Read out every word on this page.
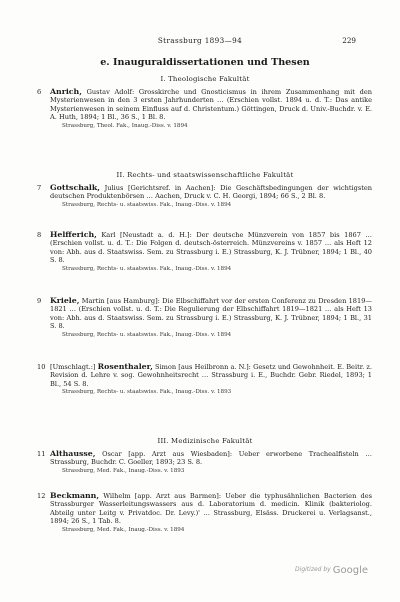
Strassburg 1893—94	229
e. Inauguraldissertationen und Thesen
I. Theologische Fakultät
6 Anrich, Gustav Adolf: Grosskirche und Gnosticismus in ihrem Zusammenhang mit den Mysterienwesen in den 3 ersten Jahrhunderten … (Erschien vollst. 1894 u. d. T.: Das antike Mysterienwesen in seinem Einfluss auf d. Christentum.) Göttingen, Druck d. Univ.-Buchdr. v. E. A. Huth, 1894; 1 Bl., 36 S., 1 Bl. 8.
Strassburg, Theol. Fak., Inaug.-Diss. v. 1894
II. Rechts- und staatswissenschaftliche Fakultät
7 Gottschalk, Julius [Gerichtsref. in Aachen]: Die Geschäftsbedingungen der wichtigsten deutschen Produktenbörsen … Aachen, Druck v. C. H. Georgi, 1894; 66 S., 2 Bl. 8.
Strassburg, Rechts- u. staatswiss. Fak., Inaug.-Diss. v. 1894
8 Helfferich, Karl [Neustadt a. d. H.]: Der deutsche Münzverein von 1857 bis 1867 … (Erschien vollst. u. d. T.: Die Folgen d. deutsch-österreich. Münzvereins v. 1857 … als Heft 12 von: Abh. aus d. Staatswiss. Sem. zu Strassburg i. E.) Strassburg, K. J. Trübner, 1894; 1 Bl., 40 S. 8.
Strassburg, Rechts- u. staatswiss. Fak., Inaug.-Diss. v. 1894
9 Kriele, Martin [aus Hamburg]: Die Elbschiffahrt vor der ersten Conferenz zu Dresden 1819—1821 … (Erschien vollst. u. d. T.: Die Regulierung der Elbschiffahrt 1819—1821 … als Heft 13 von: Abh. aus d. Staatswiss. Sem. zu Strassburg i. E.) Strassburg, K. J. Trübner, 1894; 1 Bl., 31 S. 8.
Strassburg, Rechts- u. staatswiss. Fak., Inaug.-Diss. v. 1894
10 [Umschlagt.:] Rosenthaler, Simon [aus Heilbronn a. N.]: Gesetz und Gewohnheit. E. Beitr. z. Revision d. Lehre v. sog. Gewohnheitsrecht … Strassburg i. E., Buchdr. Gebr. Riedel, 1893; 1 Bl., 54 S. 8.
Strassburg, Rechts- u. staatswiss. Fak., Inaug.-Diss. v. 1893
III. Medizinische Fakultät
11 Althausse, Oscar [app. Arzt aus Wiesbaden]: Ueber erworbene Trachealfisteln … Strassburg, Buchdr. C. Goeller, 1893; 23 S. 8.
Strassburg, Med. Fak., Inaug.-Diss. v. 1893
12 Beckmann, Wilhelm [app. Arzt aus Barmen]: Ueber die typhusähnlichen Bacterien des Strassburger Wasserleitungswassers aus d. Laboratorium d. medicin. Klinik (bakteriolog. Abteilg unter Leitg v. Privatdoc. Dr. Levy.)' … Strassburg, Elsäss. Druckerei u. Verlagsanst., 1894; 26 S., 1 Tab. 8.
Strassburg, Med. Fak., Inaug.-Diss. v. 1894
Digitized by Google
